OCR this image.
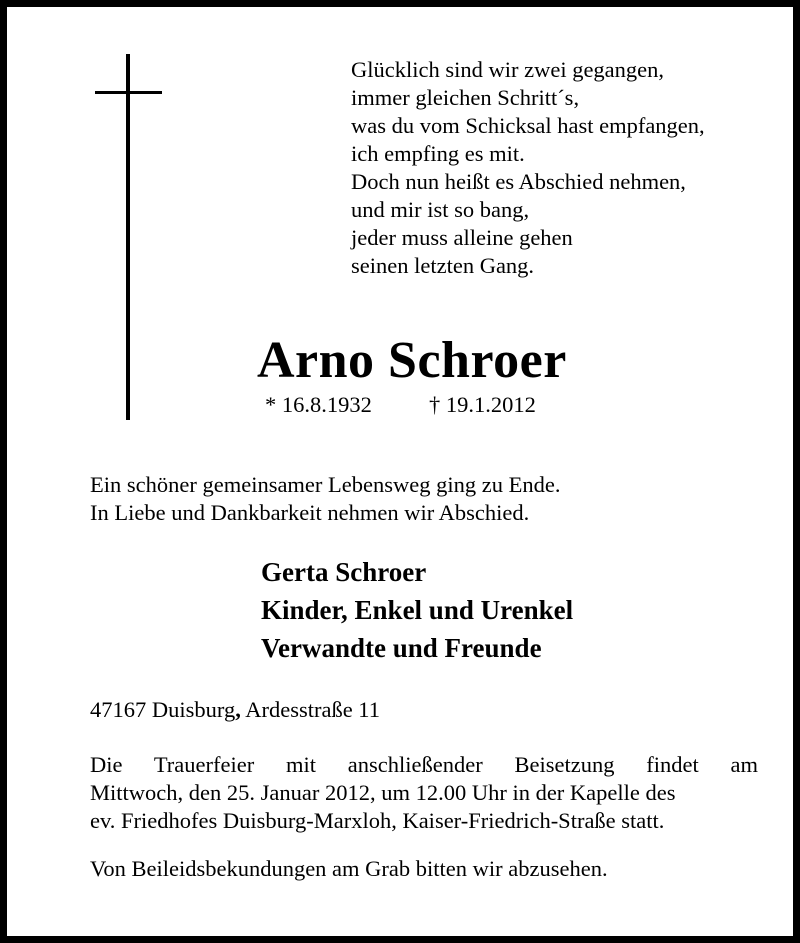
Glücklich sind wir zwei gegangen,
immer gleichen Schritt´s,
was du vom Schicksal hast empfangen,
ich empfing es mit.
Doch nun heißt es Abschied nehmen,
und mir ist so bang,
jeder muss alleine gehen
seinen letzten Gang.
Arno Schroer
* 16.8.1932	† 19.1.2012
Ein schöner gemeinsamer Lebensweg ging zu Ende.
In Liebe und Dankbarkeit nehmen wir Abschied.
Gerta Schroer
Kinder, Enkel und Urenkel
Verwandte und Freunde
47167 Duisburg, Ardesstraße 11
Die Trauerfeier mit anschließender Beisetzung findet am
Mittwoch, den 25. Januar 2012, um 12.00 Uhr in der Kapelle des
ev. Friedhofes Duisburg-Marxloh, Kaiser-Friedrich-Straße statt.
Von Beileidsbekundungen am Grab bitten wir abzusehen.
